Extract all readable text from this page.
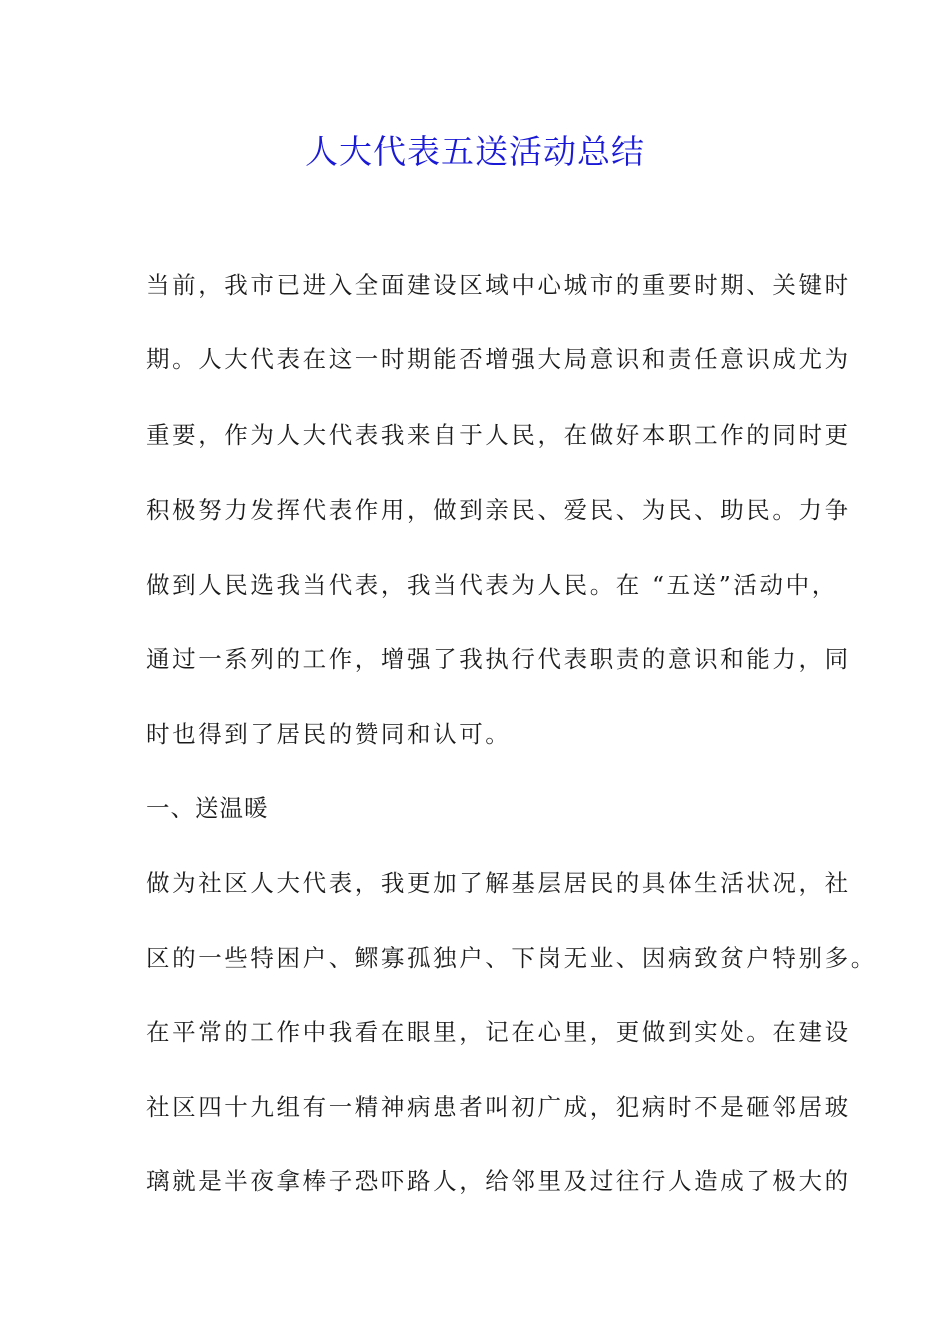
人大代表五送活动总结
当前，我市已进入全面建设区域中心城市的重要时期、关键时
期。人大代表在这一时期能否增强大局意识和责任意识成尤为
重要，作为人大代表我来自于人民，在做好本职工作的同时更
积极努力发挥代表作用，做到亲民、爱民、为民、助民。力争
做到人民选我当代表，我当代表为人民。在 “五送”活动中，
通过一系列的工作，增强了我执行代表职责的意识和能力，同
时也得到了居民的赞同和认可。
一、送温暖
做为社区人大代表，我更加了解基层居民的具体生活状况，社
区的一些特困户、鳏寡孤独户、下岗无业、因病致贫户特别多。
在平常的工作中我看在眼里，记在心里，更做到实处。在建设
社区四十九组有一精神病患者叫初广成，犯病时不是砸邻居玻
璃就是半夜拿棒子恐吓路人，给邻里及过往行人造成了极大的
